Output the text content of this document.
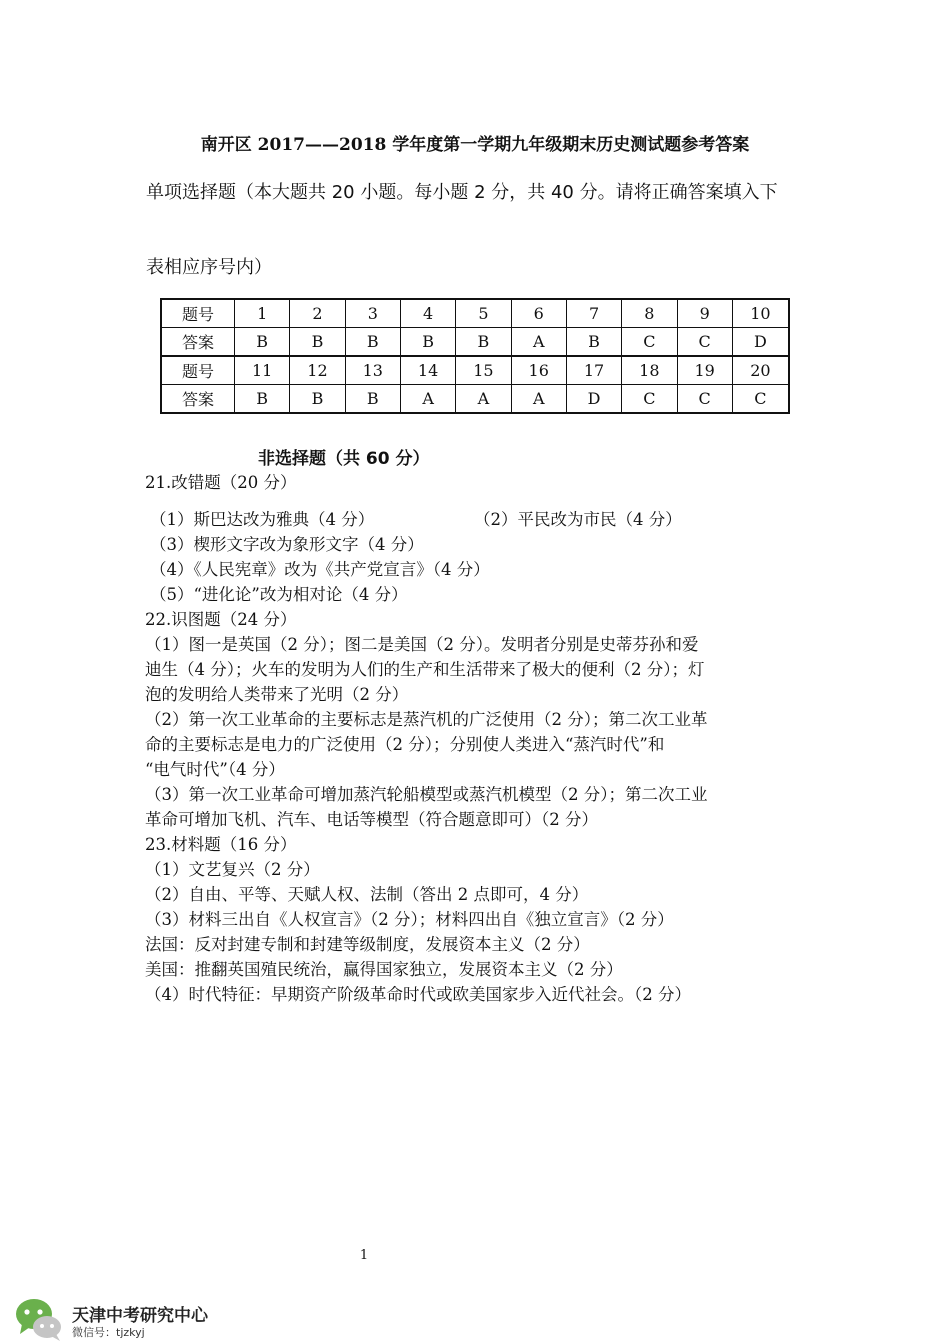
南开区 2017——2018 学年度第一学期九年级期末历史测试题参考答案
单项选择题（本大题共 20 小题。每小题 2 分，共 40 分。请将正确答案填入下
表相应序号内）
题号	1	2	3	4	5	6	7	8	9	10
答案	B	B	B	B	B	A	B	C	C	D
题号	11	12	13	14	15	16	17	18	19	20
答案	B	B	B	A	A	A	D	C	C	C
非选择题（共 60 分）
21.改错题（20 分）
（1）斯巴达改为雅典（4 分）	（2）平民改为市民（4 分）
（3）楔形文字改为象形文字（4 分）
（4）《人民宪章》改为《共产党宣言》（4 分）
（5）“进化论”改为相对论（4 分）
22.识图题（24 分）
（1）图一是英国（2 分）；图二是美国（2 分）。发明者分别是史蒂芬孙和爱
迪生（4 分）；火车的发明为人们的生产和生活带来了极大的便利（2 分）；灯
泡的发明给人类带来了光明（2 分）
（2）第一次工业革命的主要标志是蒸汽机的广泛使用（2 分）；第二次工业革
命的主要标志是电力的广泛使用（2 分）；分别使人类进入“蒸汽时代”和
“电气时代”（4 分）
（3）第一次工业革命可增加蒸汽轮船模型或蒸汽机模型（2 分）；第二次工业
革命可增加飞机、汽车、电话等模型（符合题意即可）（2 分）
23.材料题（16 分）
（1）文艺复兴（2 分）
（2）自由、平等、天赋人权、法制（答出 2 点即可，4 分）
（3）材料三出自《人权宣言》（2 分）；材料四出自《独立宣言》（2 分）
法国：反对封建专制和封建等级制度，发展资本主义（2 分）
美国：推翻英国殖民统治，赢得国家独立，发展资本主义（2 分）
（4）时代特征：早期资产阶级革命时代或欧美国家步入近代社会。（2 分）
1
天津中考研究中心
微信号：tjzkyj
